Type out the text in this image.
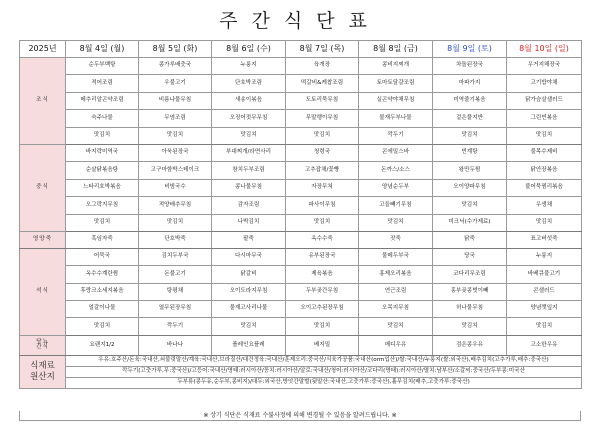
주간식단표
2025년	8월 4일 (월)	8월 5일 (화)	8월 6일 (수)	8월 7일 (목)	8월 8일 (금)	8월 9일 (토)	8월 10일 (일)
조식	순두부백탕	콩가루배춧국	누룽지	육개장	콩비지찌개	차돌된장국	우거지해장국
	적어조림	우불고기	단호박조림	떡갈비&케찹조림	토마토달걀조림	마파가지	고기밥야채
	메추리알곤약조림	비름나물무침	새송이볶음	도토리묵무침	실곤약야채무침	미역줄기볶음	닭가슴살샐러드
	숙주나물	무염조림	오징어젓무무침	무말랭이무침	물재두부나물	겉은풀지반	그린빈볶음
	맛김치	맛김치	맛김치	맛김치	깍두기	맛김치	맛김치
중식	바지락미역국	아욱된장국	부대찌개/라면사리	청령국	콘에밀스바	빈계탕	불목수제비
	순살닭볶음탕	고구마함박스테이크	참치두부조림	고추잡채/꽃빵	돈까스/소스	왕만두찜	닭안장볶음
	느타리호박볶음	비빔국수	콩나물무침	자장무쳐	양념순두부	오이양파무침	불어묵찜리볶음
	오그락지무침	적양배추무침	감자조림	파사이무침	고들빼기무침	맛김치	우생채
	맛김치	맛김치	나박김치	맛김치	맛김치	미크닉(수가제료)	맛김치
영양죽	흑임자죽	단호박죽	팥죽	옥수수죽	잣죽	닭죽	표고버섯죽
석식	어묵국	김치두부국	다시마무국	유부된장국	물메두부국	당국	누룽지
	옥수수계란찜	돈불고기	닭갈비	제육볶음	홍제오리볶음	코다리무조림	바베큐불고기
	후랑크소세지볶음	탕평채	오이도라지무침	두부곶간무침	연근조림	홍부곶콩벗이빼	콘샐러드
	얼갈이나물	열무된장무침	물재고사리나물	오이고추된장무침	오목지무침	허나물무침	양념깻잎지
	맛김치	깍두기	맛김치	맛김치	맛김치	맛김치	맛김치

당뇨
간식	요랜지1/2	바나나	플레인요플레	베지밀	메디우유	검은콩우유	고소한우유

식재료
원산지	우유:호주산/돈육:국내산,쇠불릿말산/계육:국내산,브라질산/대건정육:국내산/훈제오리:중국산/식육가공품:국내산(orm입산)/쌀:국내산/누룽지(쌀:외국산),배추김치(고추가루,배추:중국산)						
	깍두기(고춧가루,무:중국산)/고등어:국내산/명태:러시아산/꽁치:러시아산/알로:국내산/청어:러시아산/코다리(명태):러시아산/멸치:남부산/소갈씨:중국산/두부콩:미국산						
	두부류(콩두유,순두부,콩비지)/대두:외국산,방앗간말벌(됫말산:국내산,고춧가루:중국산),흘무김치(배추,고춧가루:중국산)						
※ 상기 식단은 식재료 수불사정에 의해 변경될 수 있음을 알려드립니다. ※
